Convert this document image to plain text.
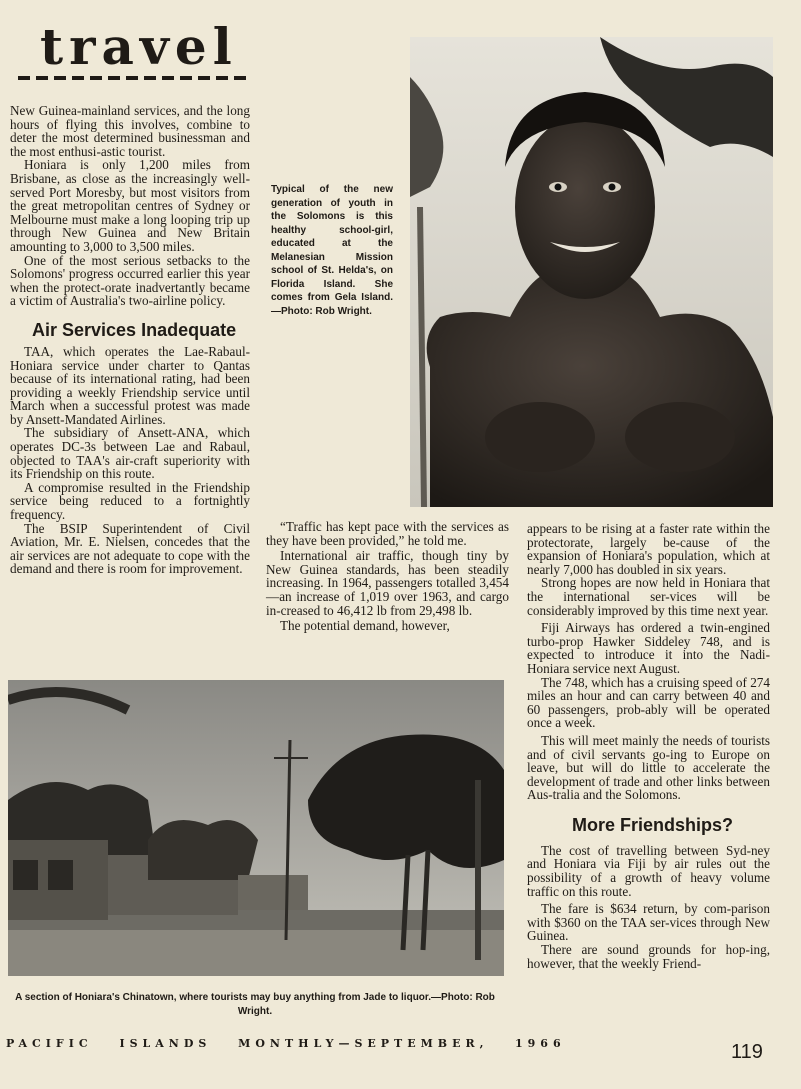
travel

New Guinea-mainland services, and the long hours of flying this involves, combine to deter the most determined businessman and the most enthusi-astic tourist.

Honiara is only 1,200 miles from Brisbane, as close as the increasingly well-served Port Moresby, but most visitors from the great metropolitan centres of Sydney or Melbourne must make a long looping trip up through New Guinea and New Britain amounting to 3,000 to 3,500 miles.

One of the most serious setbacks to the Solomons' progress occurred earlier this year when the protect-orate inadvertantly became a victim of Australia's two-airline policy.

Air Services Inadequate

TAA, which operates the Lae-Rabaul-Honiara service under charter to Qantas because of its international rating, had been providing a weekly Friendship service until March when a successful protest was made by Ansett-Mandated Airlines.

The subsidiary of Ansett-ANA, which operates DC-3s between Lae and Rabaul, objected to TAA's air-craft superiority with its Friendship on this route.

A compromise resulted in the Friendship service being reduced to a fortnightly frequency.

The BSIP Superintendent of Civil Aviation, Mr. E. Nielsen, concedes that the air services are not adequate to cope with the demand and there is room for improvement.

Typical of the new generation of youth in the Solomons is this healthy school-girl, educated at the Melanesian Mission school of St. Helda's, on Florida Island. She comes from Gela Island.—Photo: Rob Wright.

“Traffic has kept pace with the services as they have been provided,” he told me.

International air traffic, though tiny by New Guinea standards, has been steadily increasing. In 1964, passengers totalled 3,454—an increase of 1,019 over 1963, and cargo in-creased to 46,412 lb from 29,498 lb.

The potential demand, however,

appears to be rising at a faster rate within the protectorate, largely be-cause of the expansion of Honiara's population, which at nearly 7,000 has doubled in six years.

Strong hopes are now held in Honiara that the international ser-vices will be considerably improved by this time next year.

Fiji Airways has ordered a twin-engined turbo-prop Hawker Siddeley 748, and is expected to introduce it into the Nadi-Honiara service next August.

The 748, which has a cruising speed of 274 miles an hour and can carry between 40 and 60 passengers, prob-ably will be operated once a week.

This will meet mainly the needs of tourists and of civil servants go-ing to Europe on leave, but will do little to accelerate the development of trade and other links between Aus-tralia and the Solomons.

More Friendships?

The cost of travelling between Syd-ney and Honiara via Fiji by air rules out the possibility of a growth of heavy volume traffic on this route.

The fare is $634 return, by com-parison with $360 on the TAA ser-vices through New Guinea.

There are sound grounds for hop-ing, however, that the weekly Friend-

A section of Honiara's Chinatown, where tourists may buy anything from Jade to liquor.—Photo: Rob Wright.
PACIFIC ISLANDS MONTHLY—SEPTEMBER,	1966	119
